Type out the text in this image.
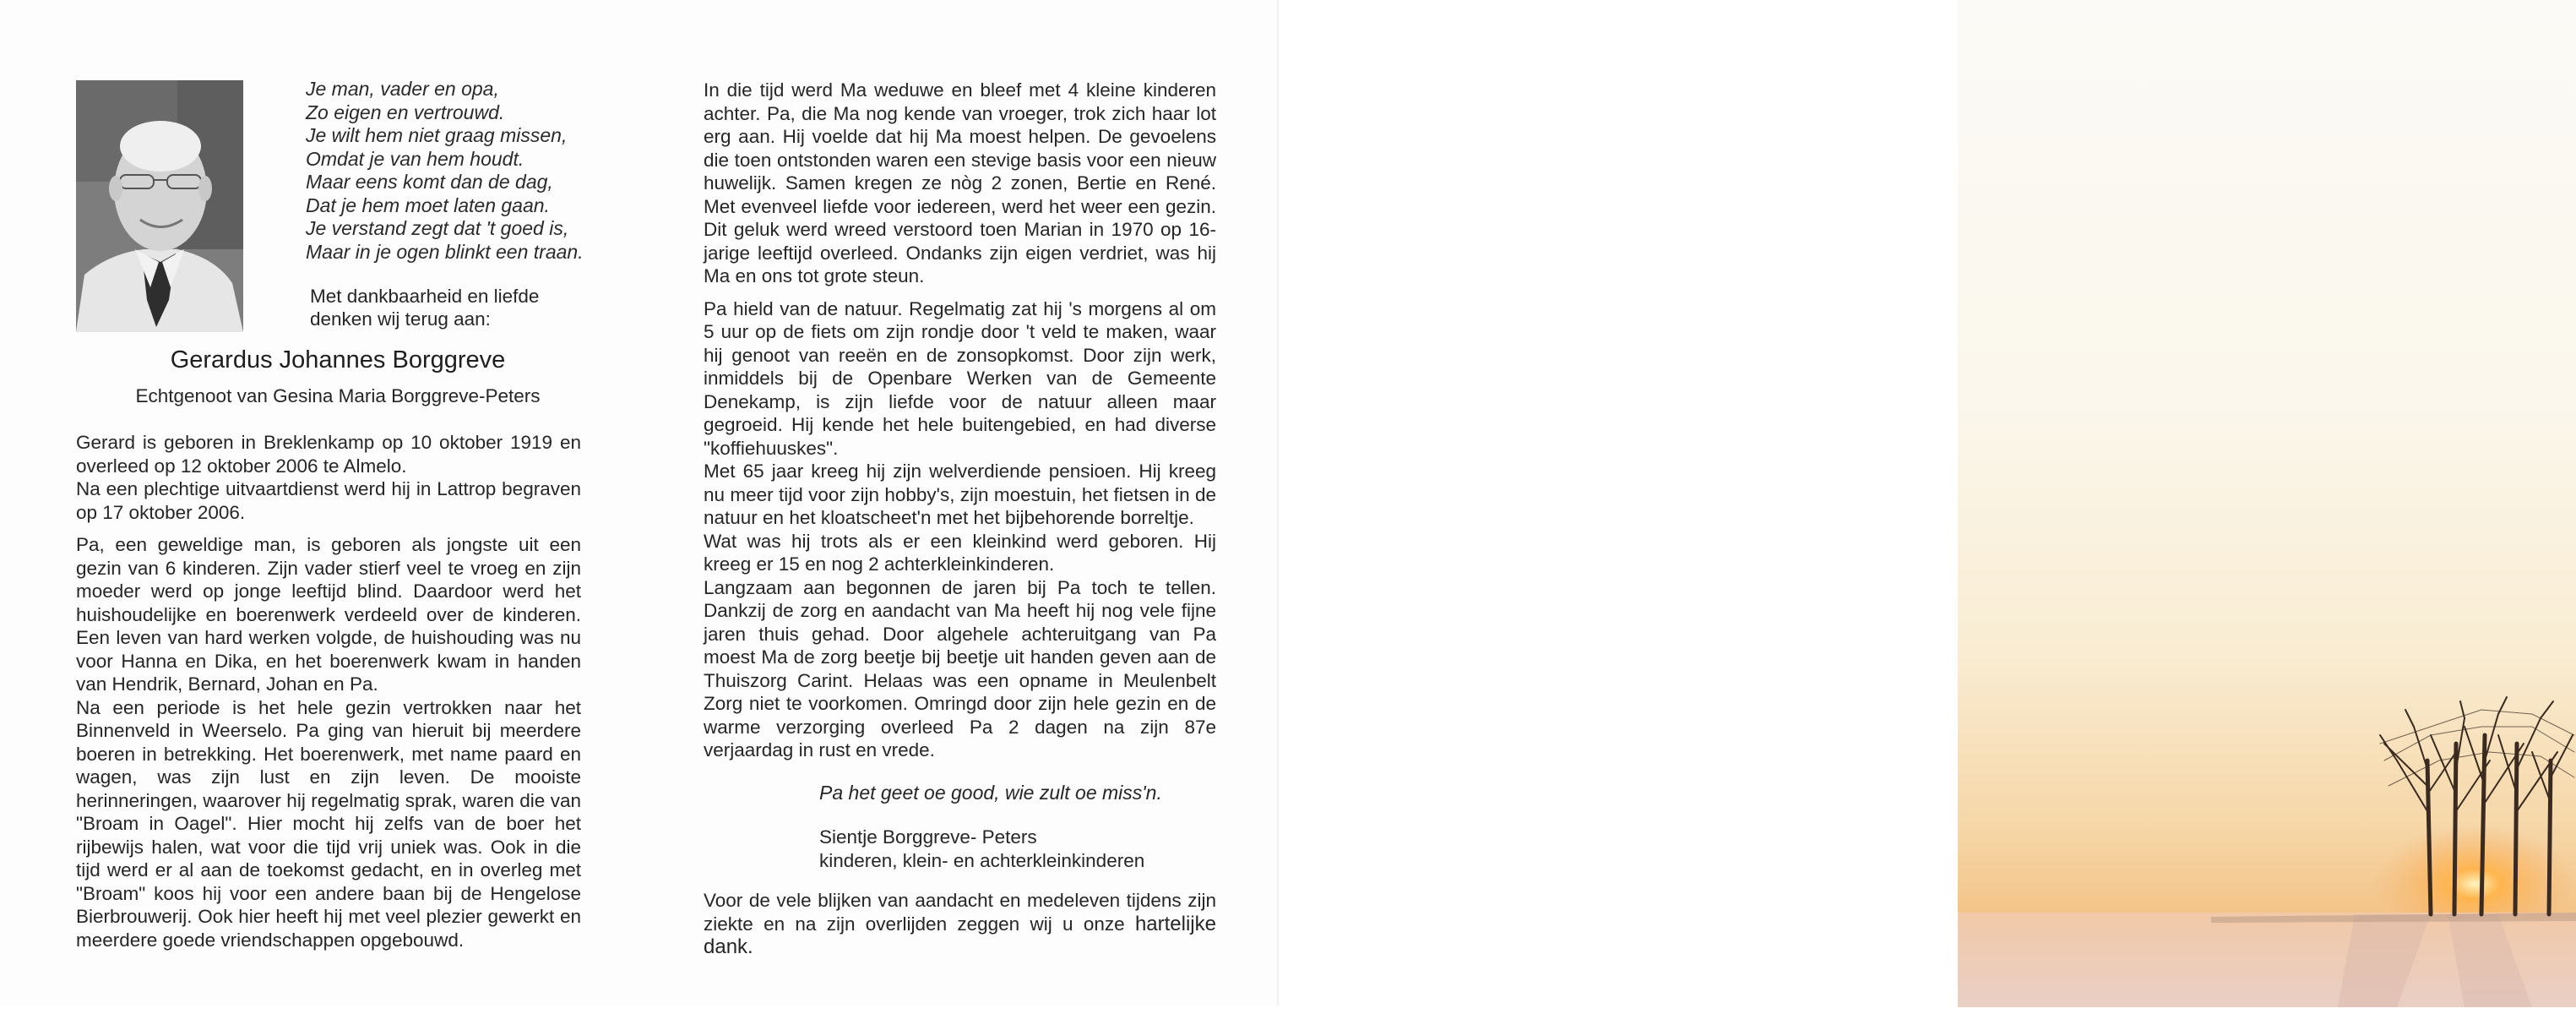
Je man, vader en opa,
Zo eigen en vertrouwd.
Je wilt hem niet graag missen,
Omdat je van hem houdt.
Maar eens komt dan de dag,
Dat je hem moet laten gaan.
Je verstand zegt dat 't goed is,
Maar in je ogen blinkt een traan.
Met dankbaarheid en liefde
denken wij terug aan:
Gerardus Johannes Borggreve
Echtgenoot van Gesina Maria Borggreve-Peters

Gerard is geboren in Breklenkamp op 10 oktober 1919 en overleed op 12 oktober 2006 te Almelo.

Na een plechtige uitvaartdienst werd hij in Lattrop begraven op 17 oktober 2006.

Pa, een geweldige man, is geboren als jongste uit een gezin van 6 kinderen. Zijn vader stierf veel te vroeg en zijn moeder werd op jonge leeftijd blind. Daardoor werd het huishoudelijke en boerenwerk verdeeld over de kinderen. Een leven van hard werken volgde, de huishouding was nu voor Hanna en Dika, en het boerenwerk kwam in handen van Hendrik, Bernard, Johan en Pa.

Na een periode is het hele gezin vertrokken naar het Binnenveld in Weerselo. Pa ging van hieruit bij meerdere boeren in betrekking. Het boerenwerk, met name paard en wagen, was zijn lust en zijn leven. De mooiste herinneringen, waarover hij regelmatig sprak, waren die van "Broam in Oagel". Hier mocht hij zelfs van de boer het rijbewijs halen, wat voor die tijd vrij uniek was. Ook in die tijd werd er al aan de toekomst gedacht, en in overleg met "Broam" koos hij voor een andere baan bij de Hengelose Bierbrouwerij. Ook hier heeft hij met veel plezier gewerkt en meerdere goede vriendschappen opgebouwd.

In die tijd werd Ma weduwe en bleef met 4 kleine kinderen achter. Pa, die Ma nog kende van vroeger, trok zich haar lot erg aan. Hij voelde dat hij Ma moest helpen. De gevoelens die toen ontstonden waren een stevige basis voor een nieuw huwelijk. Samen kregen ze nòg 2 zonen, Bertie en René. Met evenveel liefde voor iedereen, werd het weer een gezin. Dit geluk werd wreed verstoord toen Marian in 1970 op 16-jarige leeftijd overleed. Ondanks zijn eigen verdriet, was hij Ma en ons tot grote steun.

Pa hield van de natuur. Regelmatig zat hij 's morgens al om 5 uur op de fiets om zijn rondje door 't veld te maken, waar hij genoot van reeën en de zonsopkomst. Door zijn werk, inmiddels bij de Openbare Werken van de Gemeente Denekamp, is zijn liefde voor de natuur alleen maar gegroeid. Hij kende het hele buitengebied, en had diverse "koffiehuuskes".

Met 65 jaar kreeg hij zijn welverdiende pensioen. Hij kreeg nu meer tijd voor zijn hobby's, zijn moestuin, het fietsen in de natuur en het kloatscheet'n met het bijbehorende borreltje.

Wat was hij trots als er een kleinkind werd geboren. Hij kreeg er 15 en nog 2 achterkleinkinderen.

Langzaam aan begonnen de jaren bij Pa toch te tellen. Dankzij de zorg en aandacht van Ma heeft hij nog vele fijne jaren thuis gehad. Door algehele achteruitgang van Pa moest Ma de zorg beetje bij beetje uit handen geven aan de Thuiszorg Carint. Helaas was een opname in Meulenbelt Zorg niet te voorkomen. Omringd door zijn hele gezin en de warme verzorging overleed Pa 2 dagen na zijn 87e verjaardag in rust en vrede.

Pa het geet oe good, wie zult oe miss'n.
Sientje Borggreve- Peters
kinderen, klein- en achterkleinkinderen
Voor de vele blijken van aandacht en medeleven tijdens zijn ziekte en na zijn overlijden zeggen wij u onze hartelijke dank.
